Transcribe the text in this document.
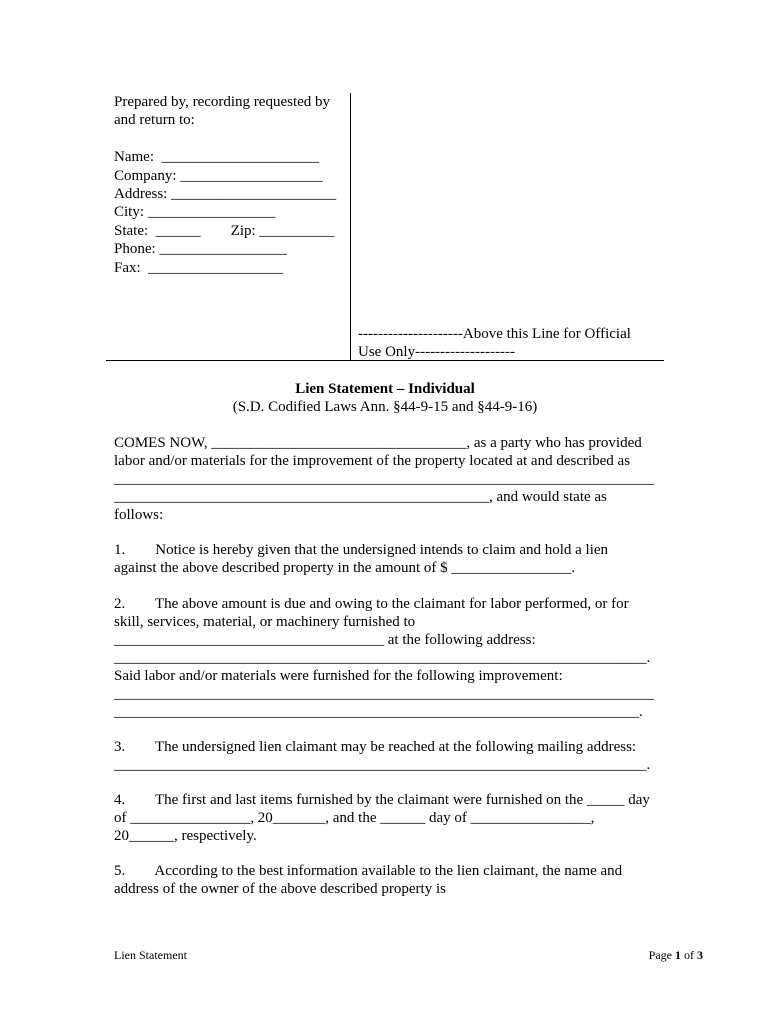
Prepared by, recording requested by
and return to:
Name:  _____________________
Company: ___________________
Address: ______________________
City: _________________
State:  ______        Zip: __________
Phone: _________________
Fax:  __________________
---------------------Above this Line for Official
Use Only--------------------
Lien Statement – Individual
(S.D. Codified Laws Ann. §44-9-15 and §44-9-16)
COMES NOW, __________________________________, as a party who has provided
labor and/or materials for the improvement of the property located at and described as
________________________________________________________________________
__________________________________________________, and would state as
follows:
1.        Notice is hereby given that the undersigned intends to claim and hold a lien
against the above described property in the amount of $ ________________.
2.        The above amount is due and owing to the claimant for labor performed, or for
skill, services, material, or machinery furnished to
____________________________________ at the following address:
_______________________________________________________________________.
Said labor and/or materials were furnished for the following improvement:
________________________________________________________________________
______________________________________________________________________.
3.        The undersigned lien claimant may be reached at the following mailing address:
_______________________________________________________________________.
4.        The first and last items furnished by the claimant were furnished on the _____ day
of ________________, 20_______, and the ______ day of ________________,
20______, respectively.
5.        According to the best information available to the lien claimant, the name and
address of the owner of the above described property is
Lien Statement	Page 1 of 3
